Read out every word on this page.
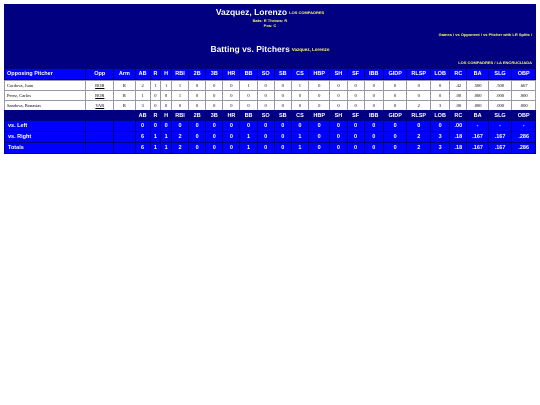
Vazquez, Lorenzo LOS COMPADRES
Bats: R Throws: R
Pos: C
Games / vs Opponent / vs Pitcher with LR Splits /
Batting vs. Pitchers Vazquez, Lorenzo
LOS COMPADRES / LA ENCRUCIJADA
Opposing Pitcher	Opp	Arm	AB	R	H	RBI	2B	3B	HR	BB	SO	SB	CS	HBP	SH	SF	IBB	GIDP	RLSP	LOB	RC	BA	SLG	OBP
Cordova, Juan	BOR	R	2	1	1	1	0	0	0	1	0	0	1	0	0	0	0	0	0	0	.42	.500	.500	.667
Perez, Carlos	BOR	R	1	0	0	1	0	0	0	0	0	0	0	0	0	0	0	0	0	0	.00	.000	.000	.000
Sandova, Bonasias	VAR	R	3	0	0	0	0	0	0	0	0	0	0	0	0	0	0	0	2	3	.00	.000	.000	.000
			AB	R	H	RBI	2B	3B	HR	BB	SO	SB	CS	HBP	SH	SF	IBB	GIDP	RLSP	LOB	RC	BA	SLG	OBP
vs. Left			0	0	0	0	0	0	0	0	0	0	0	0	0	0	0	0	0	0	.00	-	-	-
vs. Right			6	1	1	2	0	0	0	1	0	0	1	0	0	0	0	0	2	3	.18	.167	.167	.286
Totals			6	1	1	2	0	0	0	1	0	0	1	0	0	0	0	0	2	3	.18	.167	.167	.286
